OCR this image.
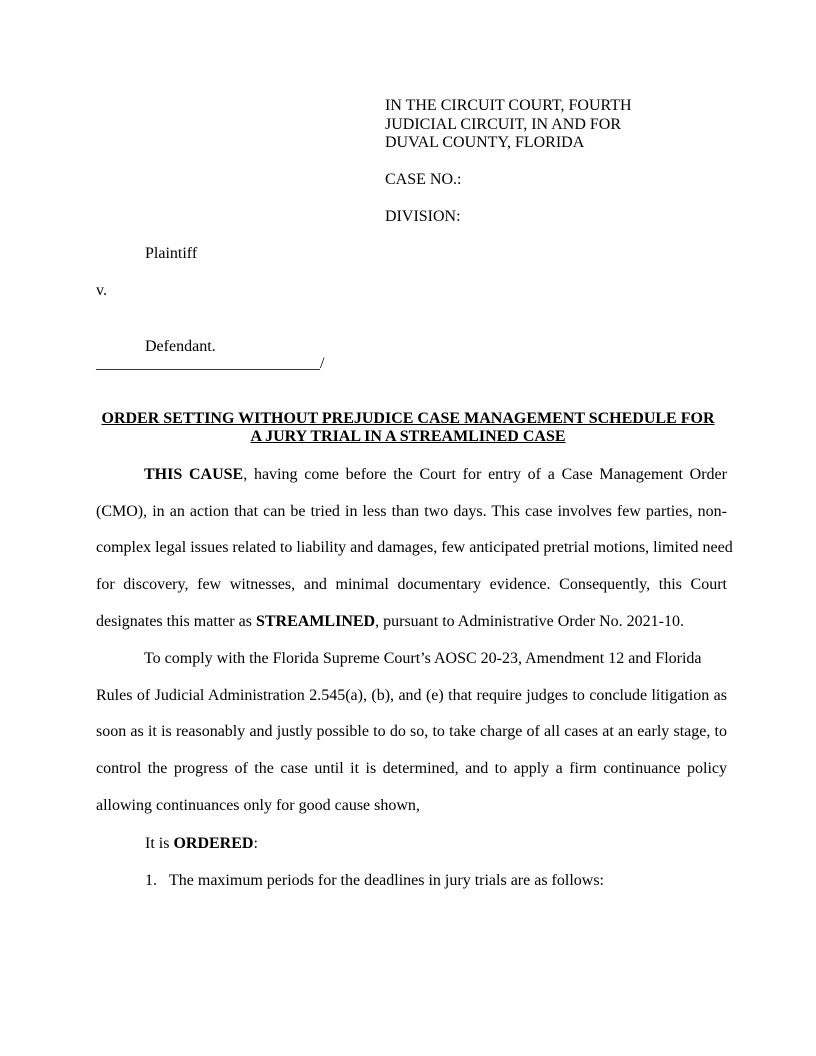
IN THE CIRCUIT COURT, FOURTH
JUDICIAL CIRCUIT, IN AND FOR
DUVAL COUNTY, FLORIDA
CASE NO.:
DIVISION:
Plaintiff
v.
Defendant.
____________________________/
ORDER SETTING WITHOUT PREJUDICE CASE MANAGEMENT SCHEDULE FOR
A JURY TRIAL IN A STREAMLINED CASE
THIS CAUSE, having come before the Court for entry of a Case Management Order
(CMO), in an action that can be tried in less than two days. This case involves few parties, non-
complex legal issues related to liability and damages, few anticipated pretrial motions, limited need
for discovery, few witnesses, and minimal documentary evidence. Consequently, this Court
designates this matter as STREAMLINED, pursuant to Administrative Order No. 2021-10.
To comply with the Florida Supreme Court’s AOSC 20-23, Amendment 12 and Florida
Rules of Judicial Administration 2.545(a), (b), and (e) that require judges to conclude litigation as
soon as it is reasonably and justly possible to do so, to take charge of all cases at an early stage, to
control the progress of the case until it is determined, and to apply a firm continuance policy
allowing continuances only for good cause shown,
It is ORDERED:
1. The maximum periods for the deadlines in jury trials are as follows:
